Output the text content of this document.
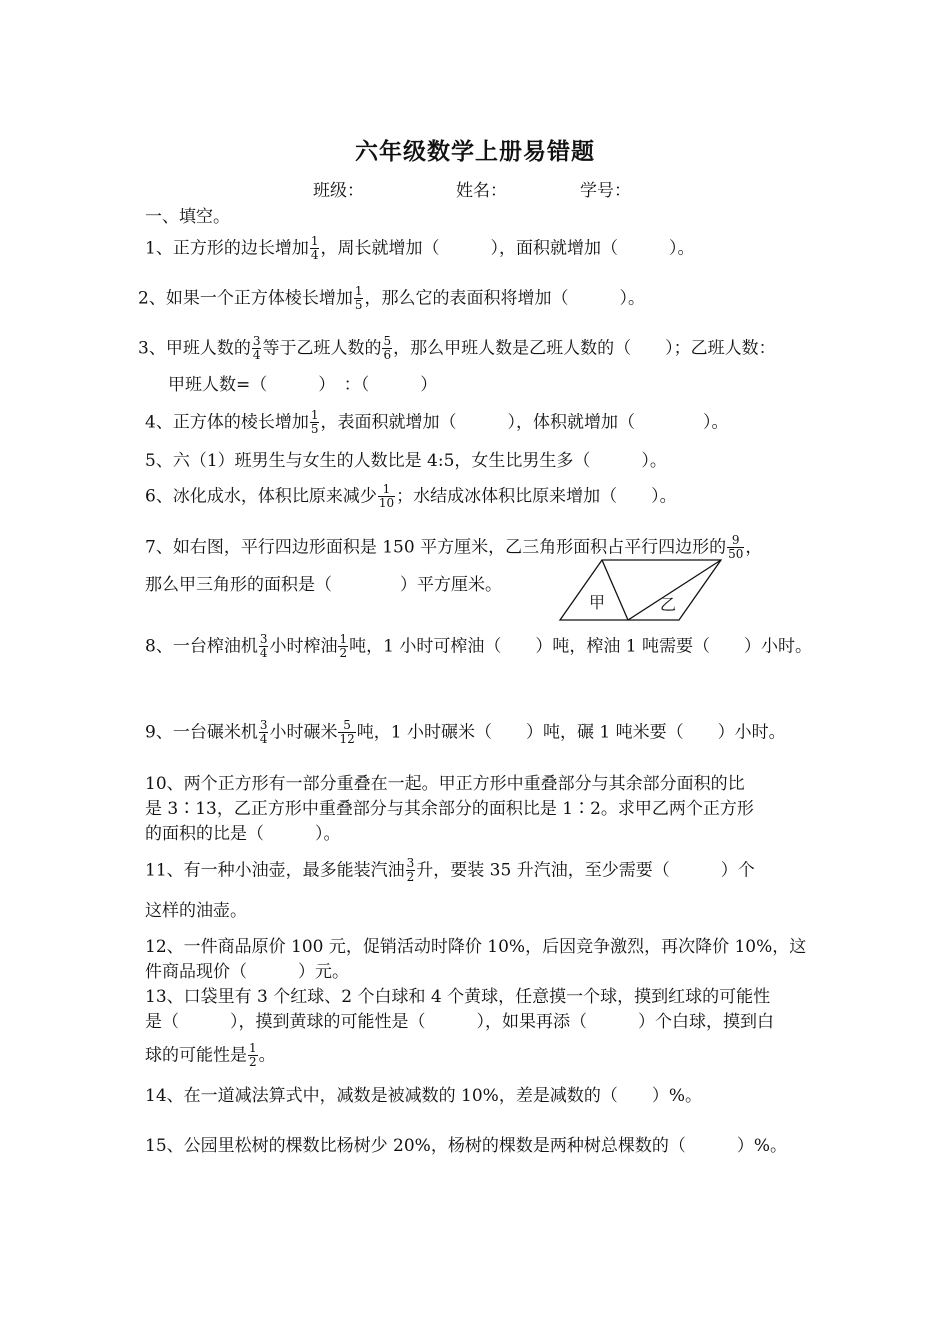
六年级数学上册易错题
班级：	姓名：	学号：
一、填空。
1、正方形的边长增加 $\frac{1}{4}$ ，周长就增加（　　　），面积就增加（　　　）。
2、如果一个正方体棱长增加 $\frac{1}{5}$ ，那么它的表面积将增加（　　　）。
3、甲班人数的 $\frac{3}{4}$ 等于乙班人数的 $\frac{5}{6}$ ，那么甲班人数是乙班人数的（　　）；乙班人数：
甲班人数=（　　　）　：（　　　）
4、正方体的棱长增加 $\frac{1}{5}$ ，表面积就增加（　　　），体积就增加（　　　　）。
5、六（1）班男生与女生的人数比是 4:5，女生比男生多（　　　）。
6、冰化成水，体积比原来减少 $\frac{1}{10}$ ；水结成冰体积比原来增加（　　）。
7、如右图，平行四边形面积是 150 平方厘米，乙三角形面积占平行四边形的 $\frac{9}{50}$ ，
那么甲三角形的面积是（　　　　）平方厘米。
甲	乙
8、一台榨油机 $\frac{3}{4}$ 小时榨油 $\frac{1}{2}$ 吨，1 小时可榨油（　　）吨，榨油 1 吨需要（　　）小时。
9、一台碾米机 $\frac{3}{4}$ 小时碾米 $\frac{5}{12}$ 吨，1 小时碾米（　　）吨，碾 1 吨米要（　　）小时。
10、两个正方形有一部分重叠在一起。甲正方形中重叠部分与其余部分面积的比
是 3∶13，乙正方形中重叠部分与其余部分的面积比是 1∶2。求甲乙两个正方形
的面积的比是（　　　）。
11、有一种小油壶，最多能装汽油 $\frac{3}{2}$ 升，要装 35 升汽油，至少需要（　　　）个
这样的油壶。
12、一件商品原价 100 元，促销活动时降价 10%，后因竞争激烈，再次降价 10%，这
件商品现价（　　　）元。
13、口袋里有 3 个红球、2 个白球和 4 个黄球，任意摸一个球，摸到红球的可能性
是（　　　），摸到黄球的可能性是（　　　），如果再添（　　　）个白球，摸到白
球的可能性是 $\frac{1}{2}$ 。
14、在一道减法算式中，减数是被减数的 10%，差是减数的（　　）%。
15、公园里松树的棵数比杨树少 20%，杨树的棵数是两种树总棵数的（　　　）%。
